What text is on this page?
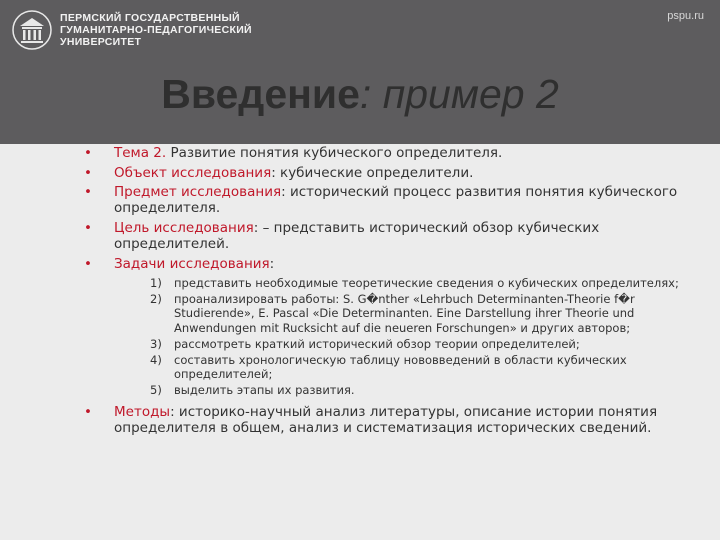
ПЕРМСКИЙ ГОСУДАРСТВЕННЫЙ
ГУМАНИТАРНО-ПЕДАГОГИЧЕСКИЙ
УНИВЕРСИТЕТ
pspu.ru
Введение: пример 2
• Тема 2. Развитие понятия кубического определителя.
• Объект исследования: кубические определители.
• Предмет исследования: исторический процесс развития понятия кубического определителя.
• Цель исследования: – представить исторический обзор кубических определителей.
• Задачи исследования:
1) представить необходимые теоретические сведения о кубических определителях;
2) проанализировать работы: S. G�nther «Lehrbuch Determinanten-Theorie f�r Studierende», E. Pascal «Die Determinanten. Eine Darstellung ihrer Theorie und Anwendungen mit Rucksicht auf die neueren Forschungen» и других авторов;
3) рассмотреть краткий исторический обзор теории определителей;
4) составить хронологическую таблицу нововведений в области кубических определителей;
5) выделить этапы их развития.
• Методы: историко-научный анализ литературы, описание истории понятия определителя в общем, анализ и систематизация исторических сведений.
